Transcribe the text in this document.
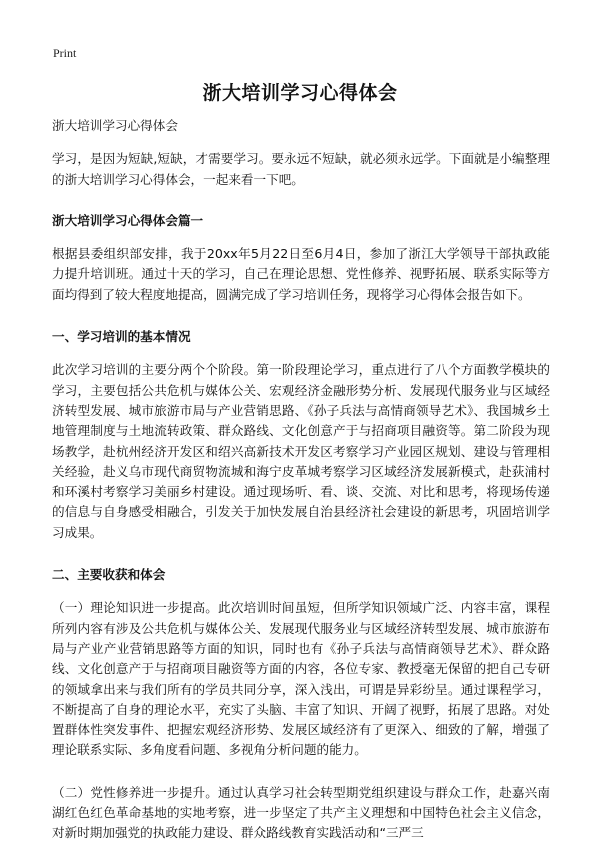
Print
浙大培训学习心得体会

浙大培训学习心得体会

学习，是因为短缺,短缺，才需要学习。要永远不短缺，就必须永远学。下面就是小编整理的浙大培训学习心得体会，一起来看一下吧。

浙大培训学习心得体会篇一

根据县委组织部安排，我于20xx年5月22日至6月4日，参加了浙江大学领导干部执政能力提升培训班。通过十天的学习，自己在理论思想、党性修养、视野拓展、联系实际等方面均得到了较大程度地提高，圆满完成了学习培训任务，现将学习心得体会报告如下。

一、学习培训的基本情况

此次学习培训的主要分两个个阶段。第一阶段理论学习，重点进行了八个方面教学模块的学习，主要包括公共危机与媒体公关、宏观经济金融形势分析、发展现代服务业与区域经济转型发展、城市旅游市局与产业营销思路、《孙子兵法与高情商领导艺术》、我国城乡土地管理制度与土地流转政策、群众路线、文化创意产于与招商项目融资等。第二阶段为现场教学，赴杭州经济开发区和绍兴高新技术开发区考察学习产业园区规划、建设与管理相关经验，赴义乌市现代商贸物流城和海宁皮革城考察学习区域经济发展新模式，赴荻浦村和环溪村考察学习美丽乡村建设。通过现场听、看、谈、交流、对比和思考，将现场传递的信息与自身感受相融合，引发关于加快发展自治县经济社会建设的新思考，巩固培训学习成果。

二、主要收获和体会

（一）理论知识进一步提高。此次培训时间虽短，但所学知识领域广泛、内容丰富，课程所列内容有涉及公共危机与媒体公关、发展现代服务业与区域经济转型发展、城市旅游布局与产业产业营销思路等方面的知识，同时也有《孙子兵法与高情商领导艺术》、群众路线、文化创意产于与招商项目融资等方面的内容，各位专家、教授毫无保留的把自己专研的领域拿出来与我们所有的学员共同分享，深入浅出，可谓是异彩纷呈。通过课程学习，不断提高了自身的理论水平，充实了头脑、丰富了知识、开阔了视野，拓展了思路。对处置群体性突发事件、把握宏观经济形势、发展区域经济有了更深入、细致的了解，增强了理论联系实际、多角度看问题、多视角分析问题的能力。

（二）党性修养进一步提升。通过认真学习社会转型期党组织建设与群众工作，赴嘉兴南湖红色红色革命基地的实地考察，进一步坚定了共产主义理想和中国特色社会主义信念，对新时期加强党的执政能力建设、群众路线教育实践活动和“三严三
